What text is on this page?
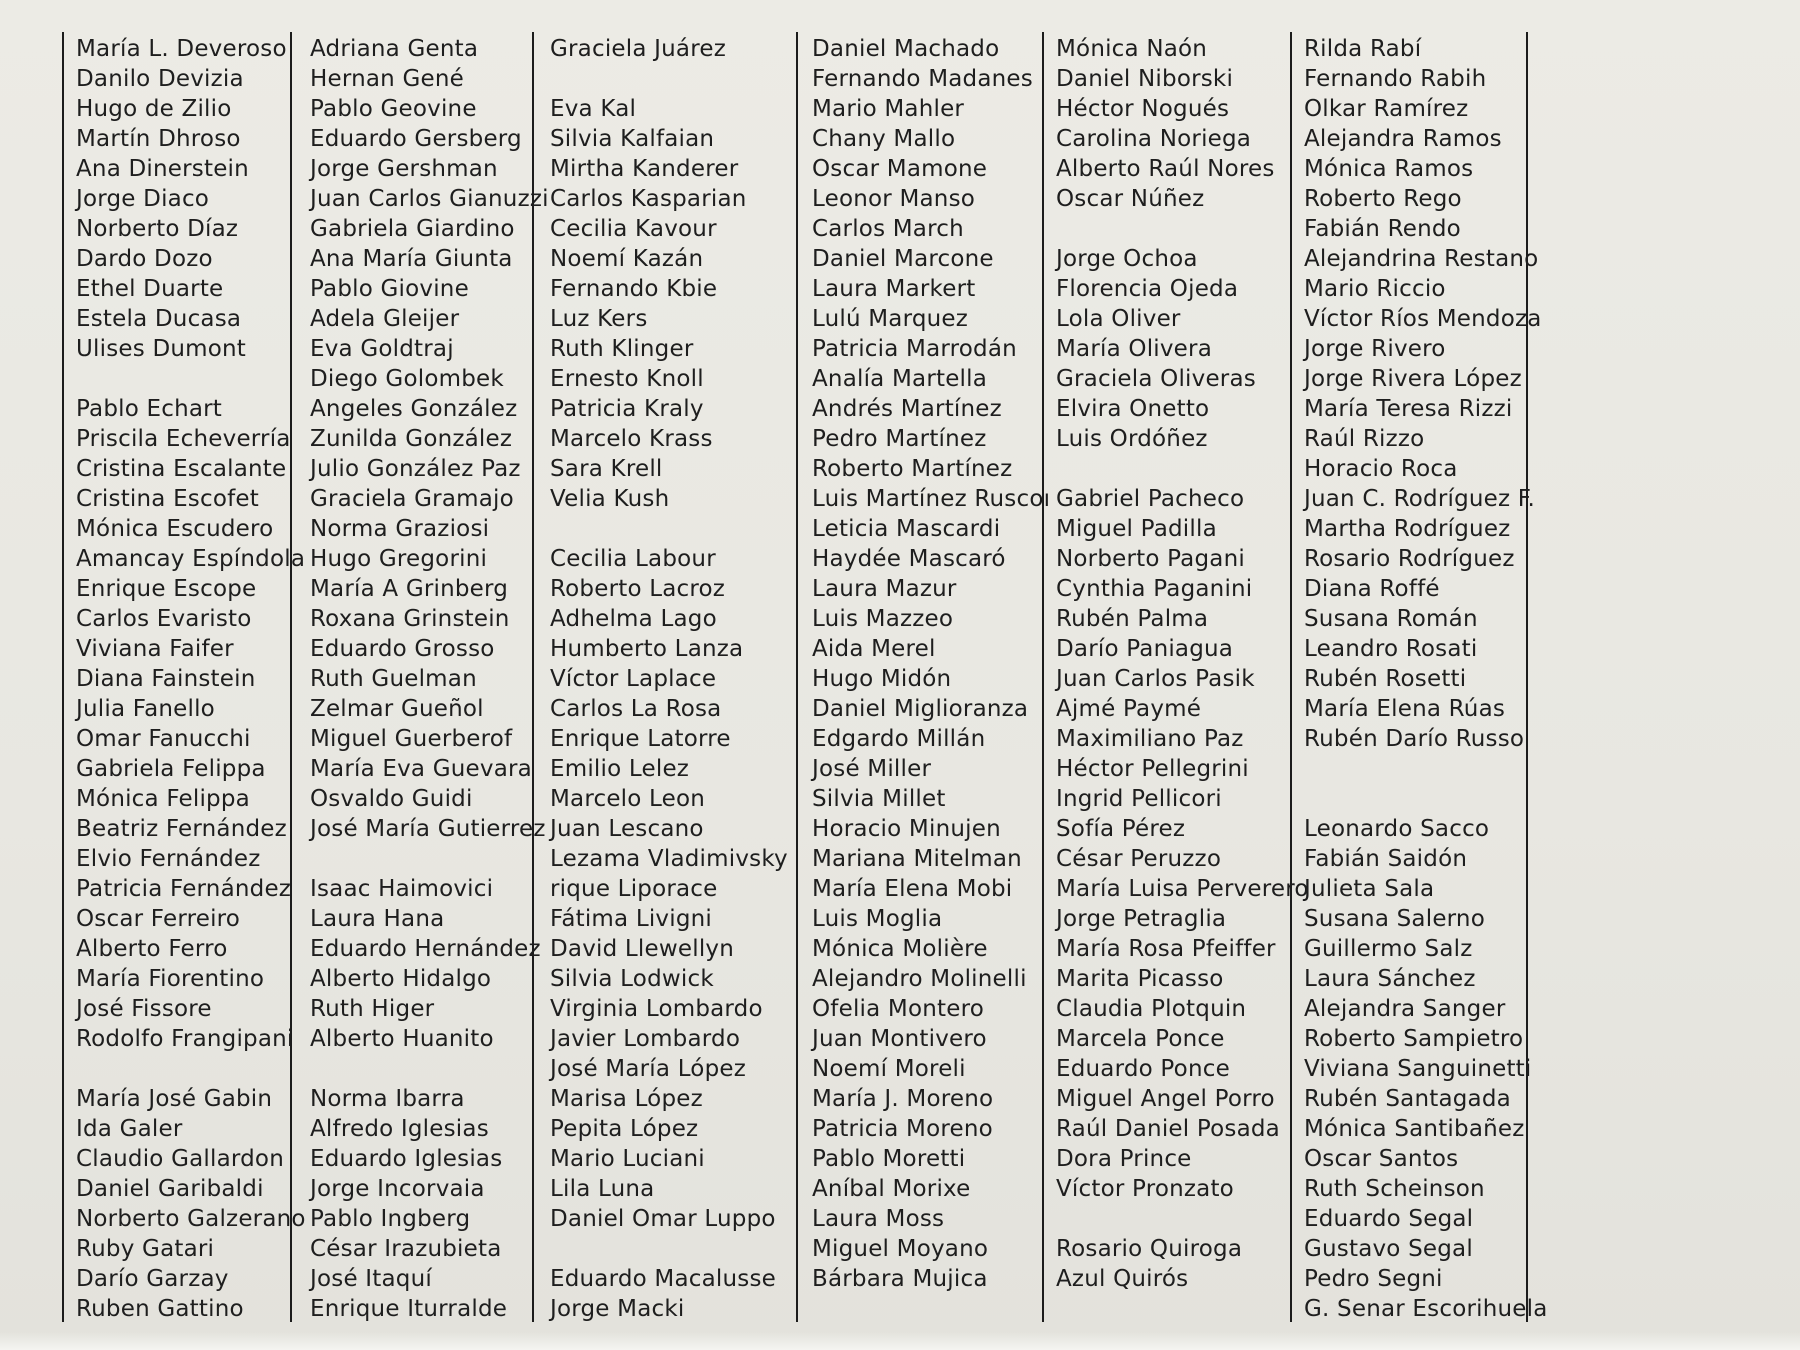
María L. Deveroso
Danilo Devizia
Hugo de Zilio
Martín Dhroso
Ana Dinerstein
Jorge Diaco
Norberto Díaz
Dardo Dozo
Ethel Duarte
Estela Ducasa
Ulises Dumont
Pablo Echart
Priscila Echeverría
Cristina Escalante
Cristina Escofet
Mónica Escudero
Amancay Espíndola
Enrique Escope
Carlos Evaristo
Viviana Faifer
Diana Fainstein
Julia Fanello
Omar Fanucchi
Gabriela Felippa
Mónica Felippa
Beatriz Fernández
Elvio Fernández
Patricia Fernández
Oscar Ferreiro
Alberto Ferro
María Fiorentino
José Fissore
Rodolfo Frangipani
María José Gabin
Ida Galer
Claudio Gallardon
Daniel Garibaldi
Norberto Galzerano
Ruby Gatari
Darío Garzay
Ruben Gattino
Adriana Genta
Hernan Gené
Pablo Geovine
Eduardo Gersberg
Jorge Gershman
Juan Carlos Gianuzzi
Gabriela Giardino
Ana María Giunta
Pablo Giovine
Adela Gleijer
Eva Goldtraj
Diego Golombek
Angeles González
Zunilda González
Julio González Paz
Graciela Gramajo
Norma Graziosi
Hugo Gregorini
María A Grinberg
Roxana Grinstein
Eduardo Grosso
Ruth Guelman
Zelmar Gueñol
Miguel Guerberof
María Eva Guevara
Osvaldo Guidi
José María Gutierrez
Isaac Haimovici
Laura Hana
Eduardo Hernández
Alberto Hidalgo
Ruth Higer
Alberto Huanito
Norma Ibarra
Alfredo Iglesias
Eduardo Iglesias
Jorge Incorvaia
Pablo Ingberg
César Irazubieta
José Itaquí
Enrique Iturralde
Graciela Juárez
Eva Kal
Silvia Kalfaian
Mirtha Kanderer
Carlos Kasparian
Cecilia Kavour
Noemí Kazán
Fernando Kbie
Luz Kers
Ruth Klinger
Ernesto Knoll
Patricia Kraly
Marcelo Krass
Sara Krell
Velia Kush
Cecilia Labour
Roberto Lacroz
Adhelma Lago
Humberto Lanza
Víctor Laplace
Carlos La Rosa
Enrique Latorre
Emilio Lelez
Marcelo Leon
Juan Lescano
Lezama Vladimivsky
rique Liporace
Fátima Livigni
David Llewellyn
Silvia Lodwick
Virginia Lombardo
Javier Lombardo
José María López
Marisa López
Pepita López
Mario Luciani
Lila Luna
Daniel Omar Luppo
Eduardo Macalusse
Jorge Macki
Daniel Machado
Fernando Madanes
Mario Mahler
Chany Mallo
Oscar Mamone
Leonor Manso
Carlos March
Daniel Marcone
Laura Markert
Lulú Marquez
Patricia Marrodán
Analía Martella
Andrés Martínez
Pedro Martínez
Roberto Martínez
Luis Martínez Ruscoı
Leticia Mascardi
Haydée Mascaró
Laura Mazur
Luis Mazzeo
Aida Merel
Hugo Midón
Daniel Miglioranza
Edgardo Millán
José Miller
Silvia Millet
Horacio Minujen
Mariana Mitelman
María Elena Mobi
Luis Moglia
Mónica Molière
Alejandro Molinelli
Ofelia Montero
Juan Montivero
Noemí Moreli
María J. Moreno
Patricia Moreno
Pablo Moretti
Aníbal Morixe
Laura Moss
Miguel Moyano
Bárbara Mujica
Mónica Naón
Daniel Niborski
Héctor Nogués
Carolina Noriega
Alberto Raúl Nores
Oscar Núñez
Jorge Ochoa
Florencia Ojeda
Lola Oliver
María Olivera
Graciela Oliveras
Elvira Onetto
Luis Ordóñez
Gabriel Pacheco
Miguel Padilla
Norberto Pagani
Cynthia Paganini
Rubén Palma
Darío Paniagua
Juan Carlos Pasik
Ajmé Paymé
Maximiliano Paz
Héctor Pellegrini
Ingrid Pellicori
Sofía Pérez
César Peruzzo
María Luisa Perverero
Jorge Petraglia
María Rosa Pfeiffer
Marita Picasso
Claudia Plotquin
Marcela Ponce
Eduardo Ponce
Miguel Angel Porro
Raúl Daniel Posada
Dora Prince
Víctor Pronzato
Rosario Quiroga
Azul Quirós
Rilda Rabí
Fernando Rabih
Olkar Ramírez
Alejandra Ramos
Mónica Ramos
Roberto Rego
Fabián Rendo
Alejandrina Restano
Mario Riccio
Víctor Ríos Mendoza
Jorge Rivero
Jorge Rivera López
María Teresa Rizzi
Raúl Rizzo
Horacio Roca
Juan C. Rodríguez F.
Martha Rodríguez
Rosario Rodríguez
Diana Roffé
Susana Román
Leandro Rosati
Rubén Rosetti
María Elena Rúas
Rubén Darío Russo
Leonardo Sacco
Fabián Saidón
Julieta Sala
Susana Salerno
Guillermo Salz
Laura Sánchez
Alejandra Sanger
Roberto Sampietro
Viviana Sanguinetti
Rubén Santagada
Mónica Santibañez
Oscar Santos
Ruth Scheinson
Eduardo Segal
Gustavo Segal
Pedro Segni
G. Senar Escorihuela
